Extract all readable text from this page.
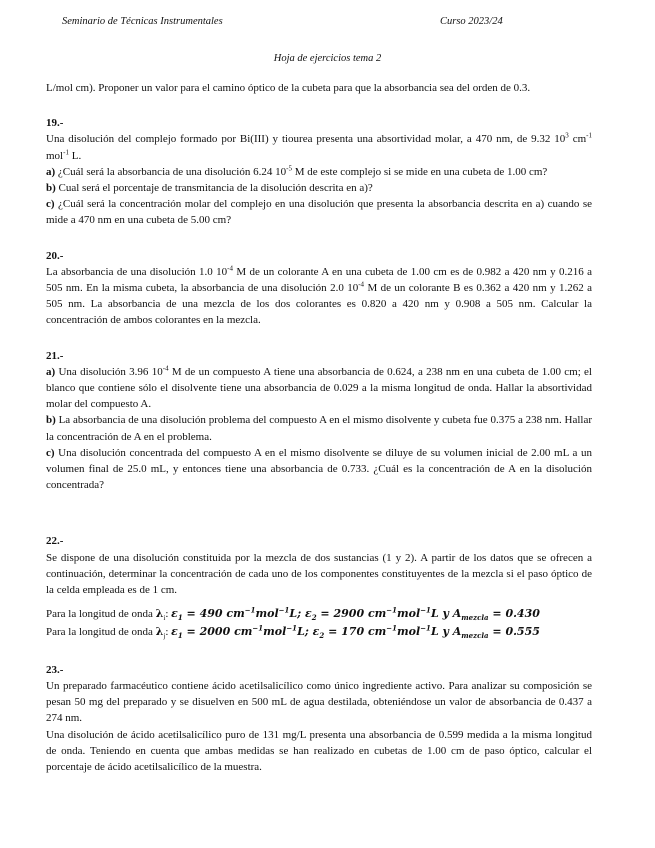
Seminario de Técnicas Instrumentales	Curso 2023/24
Hoja de ejercicios tema 2

L/mol cm). Proponer un valor para el camino óptico de la cubeta para que la absorbancia sea del orden de 0.3.

19.-

Una disolución del complejo formado por Bi(III) y tiourea presenta una absortividad molar, a 470 nm, de 9.32 $10^3$ $cm^{-1}$ mol$^{-1}$ L.

a) ¿Cuál será la absorbancia de una disolución 6.24 $10^{-5}$ M de este complejo si se mide en una cubeta de 1.00 cm?

b) Cual será el porcentaje de transmitancia de la disolución descrita en a)?

c) ¿Cuál será la concentración molar del complejo en una disolución que presenta la absorbancia descrita en a) cuando se mide a 470 nm en una cubeta de 5.00 cm?

20.-

La absorbancia de una disolución 1.0 $10^{-4}$ M de un colorante A en una cubeta de 1.00 cm es de 0.982 a 420 nm y 0.216 a 505 nm. En la misma cubeta, la absorbancia de una disolución 2.0 $10^{-4}$ M de un colorante B es 0.362 a 420 nm y 1.262 a 505 nm. La absorbancia de una mezcla de los dos colorantes es 0.820 a 420 nm y 0.908 a 505 nm. Calcular la concentración de ambos colorantes en la mezcla.

21.-

a) Una disolución 3.96 $10^{-4}$ M de un compuesto A tiene una absorbancia de 0.624, a 238 nm en una cubeta de 1.00 cm; el blanco que contiene sólo el disolvente tiene una absorbancia de 0.029 a la misma longitud de onda. Hallar la absortividad molar del compuesto A.

b) La absorbancia de una disolución problema del compuesto A en el mismo disolvente y cubeta fue 0.375 a 238 nm. Hallar la concentración de A en el problema.

c) Una disolución concentrada del compuesto A en el mismo disolvente se diluye de su volumen inicial de 2.00 mL a un volumen final de 25.0 mL, y entonces tiene una absorbancia de 0.733. ¿Cuál es la concentración de A en la disolución concentrada?

22.-

Se dispone de una disolución constituida por la mezcla de dos sustancias (1 y 2). A partir de los datos que se ofrecen a continuación, determinar la concentración de cada uno de los componentes constituyentes de la mezcla si el paso óptico de la celda empleada es de 1 cm.

Para la longitud de onda $\lambda_i$: $\varepsilon_1 = 490$ $cm^{-1}mol^{-1}L$; $\varepsilon_2 = 2900$ $cm^{-1}mol^{-1}L$ y $A_{mezcla} = 0.430$

Para la longitud de onda $\lambda_j$: $\varepsilon_1 = 2000$ $cm^{-1}mol^{-1}L$; $\varepsilon_2 = 170$ $cm^{-1}mol^{-1}L$ y $A_{mezcla} = 0.555$

23.-

Un preparado farmacéutico contiene ácido acetilsalicílico como único ingrediente activo. Para analizar su composición se pesan 50 mg del preparado y se disuelven en 500 mL de agua destilada, obteniéndose un valor de absorbancia de 0.437 a 274 nm.

Una disolución de ácido acetilsalicílico puro de 131 mg/L presenta una absorbancia de 0.599 medida a la misma longitud de onda. Teniendo en cuenta que ambas medidas se han realizado en cubetas de 1.00 cm de paso óptico, calcular el porcentaje de ácido acetilsalicílico de la muestra.
